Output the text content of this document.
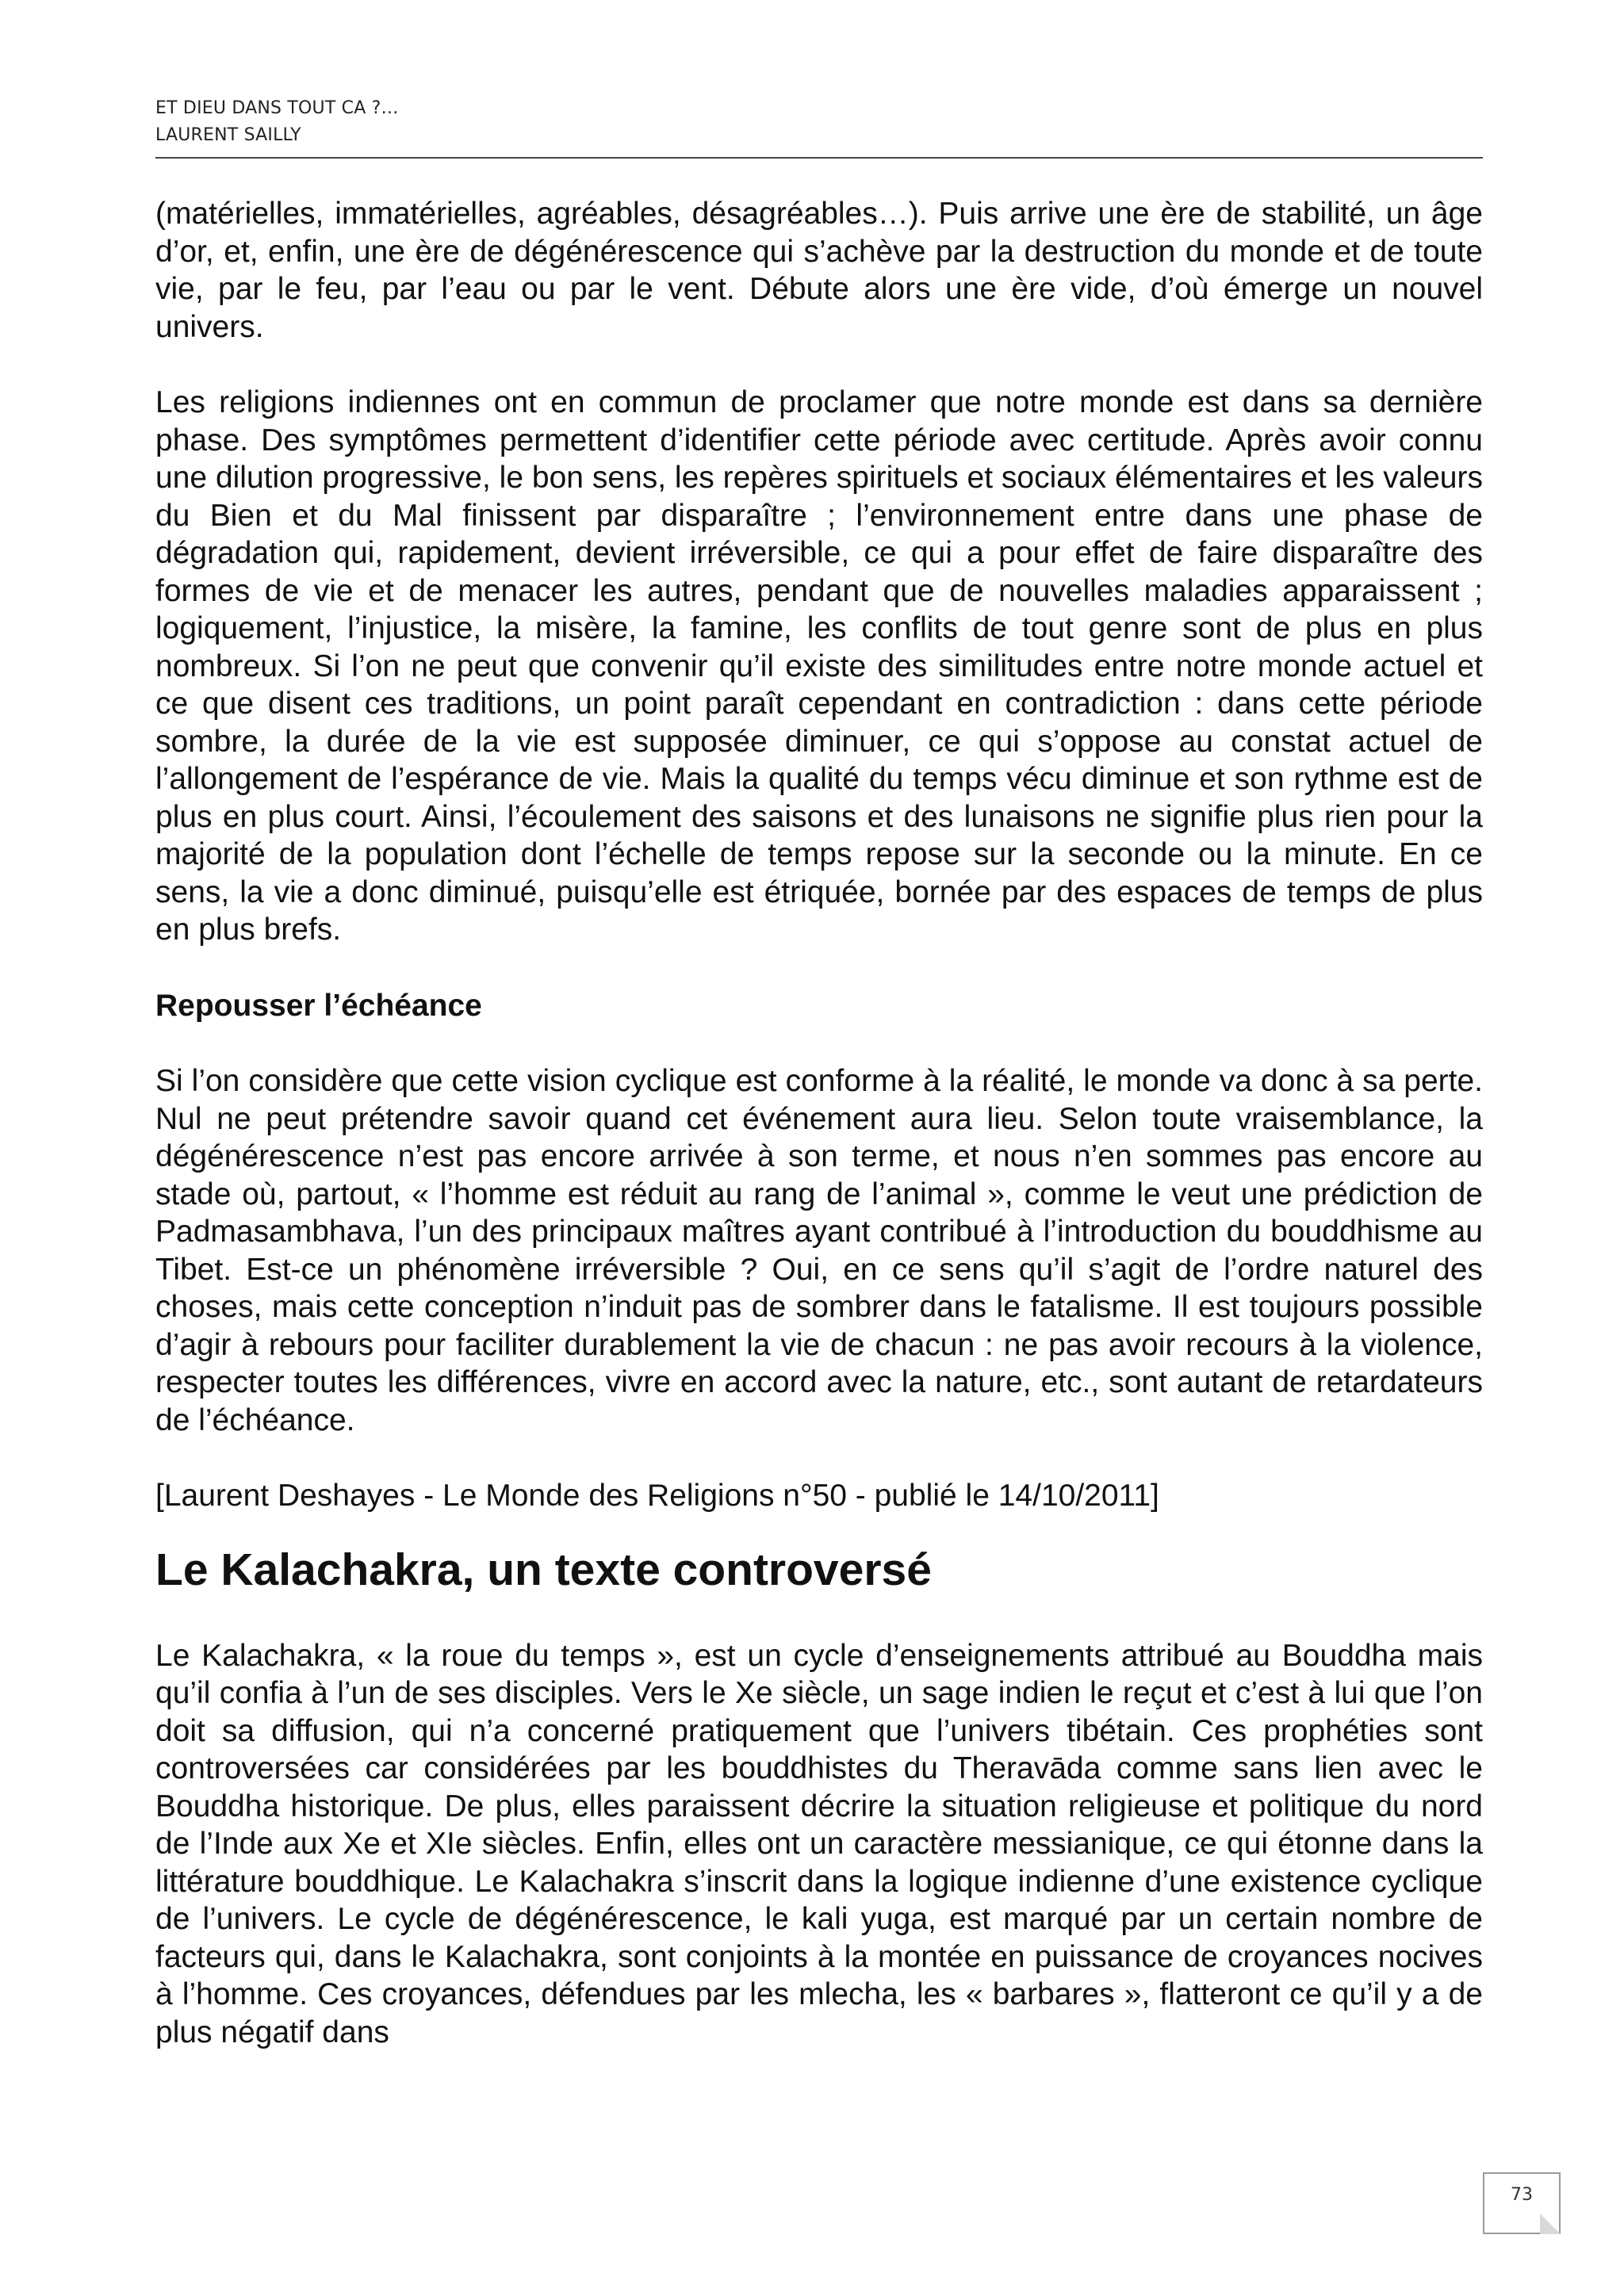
ET DIEU DANS TOUT CA ?…
LAURENT SAILLY

(matérielles, immatérielles, agréables, désagréables…). Puis arrive une ère de stabilité, un âge d’or, et, enfin, une ère de dégénérescence qui s’achève par la destruction du monde et de toute vie, par le feu, par l’eau ou par le vent. Débute alors une ère vide, d’où émerge un nouvel univers.

Les religions indiennes ont en commun de proclamer que notre monde est dans sa dernière phase. Des symptômes permettent d’identifier cette période avec certitude. Après avoir connu une dilution progressive, le bon sens, les repères spirituels et sociaux élémentaires et les valeurs du Bien et du Mal finissent par disparaître ; l’environnement entre dans une phase de dégradation qui, rapidement, devient irréversible, ce qui a pour effet de faire disparaître des formes de vie et de menacer les autres, pendant que de nouvelles maladies apparaissent ; logiquement, l’injustice, la misère, la famine, les conflits de tout genre sont de plus en plus nombreux. Si l’on ne peut que convenir qu’il existe des similitudes entre notre monde actuel et ce que disent ces traditions, un point paraît cependant en contradiction : dans cette période sombre, la durée de la vie est supposée diminuer, ce qui s’oppose au constat actuel de l’allongement de l’espérance de vie. Mais la qualité du temps vécu diminue et son rythme est de plus en plus court. Ainsi, l’écoulement des saisons et des lunaisons ne signifie plus rien pour la majorité de la population dont l’échelle de temps repose sur la seconde ou la minute. En ce sens, la vie a donc diminué, puisqu’elle est étriquée, bornée par des espaces de temps de plus en plus brefs.

Repousser l’échéance

Si l’on considère que cette vision cyclique est conforme à la réalité, le monde va donc à sa perte. Nul ne peut prétendre savoir quand cet événement aura lieu. Selon toute vraisemblance, la dégénérescence n’est pas encore arrivée à son terme, et nous n’en sommes pas encore au stade où, partout, « l’homme est réduit au rang de l’animal », comme le veut une prédiction de Padmasambhava, l’un des principaux maîtres ayant contribué à l’introduction du bouddhisme au Tibet. Est-ce un phénomène irréversible ? Oui, en ce sens qu’il s’agit de l’ordre naturel des choses, mais cette conception n’induit pas de sombrer dans le fatalisme. Il est toujours possible d’agir à rebours pour faciliter durablement la vie de chacun : ne pas avoir recours à la violence, respecter toutes les différences, vivre en accord avec la nature, etc., sont autant de retardateurs de l’échéance.

[Laurent Deshayes - Le Monde des Religions n°50 - publié le 14/10/2011]
Le Kalachakra, un texte controversé

Le Kalachakra, « la roue du temps », est un cycle d’enseignements attribué au Bouddha mais qu’il confia à l’un de ses disciples. Vers le Xe siècle, un sage indien le reçut et c’est à lui que l’on doit sa diffusion, qui n’a concerné pratiquement que l’univers tibétain. Ces prophéties sont controversées car considérées par les bouddhistes du Theravāda comme sans lien avec le Bouddha historique. De plus, elles paraissent décrire la situation religieuse et politique du nord de l’Inde aux Xe et XIe siècles. Enfin, elles ont un caractère messianique, ce qui étonne dans la littérature bouddhique. Le Kalachakra s’inscrit dans la logique indienne d’une existence cyclique de l’univers. Le cycle de dégénérescence, le kali yuga, est marqué par un certain nombre de facteurs qui, dans le Kalachakra, sont conjoints à la montée en puissance de croyances nocives à l’homme. Ces croyances, défendues par les mlecha, les « barbares », flatteront ce qu’il y a de plus négatif dans

73
